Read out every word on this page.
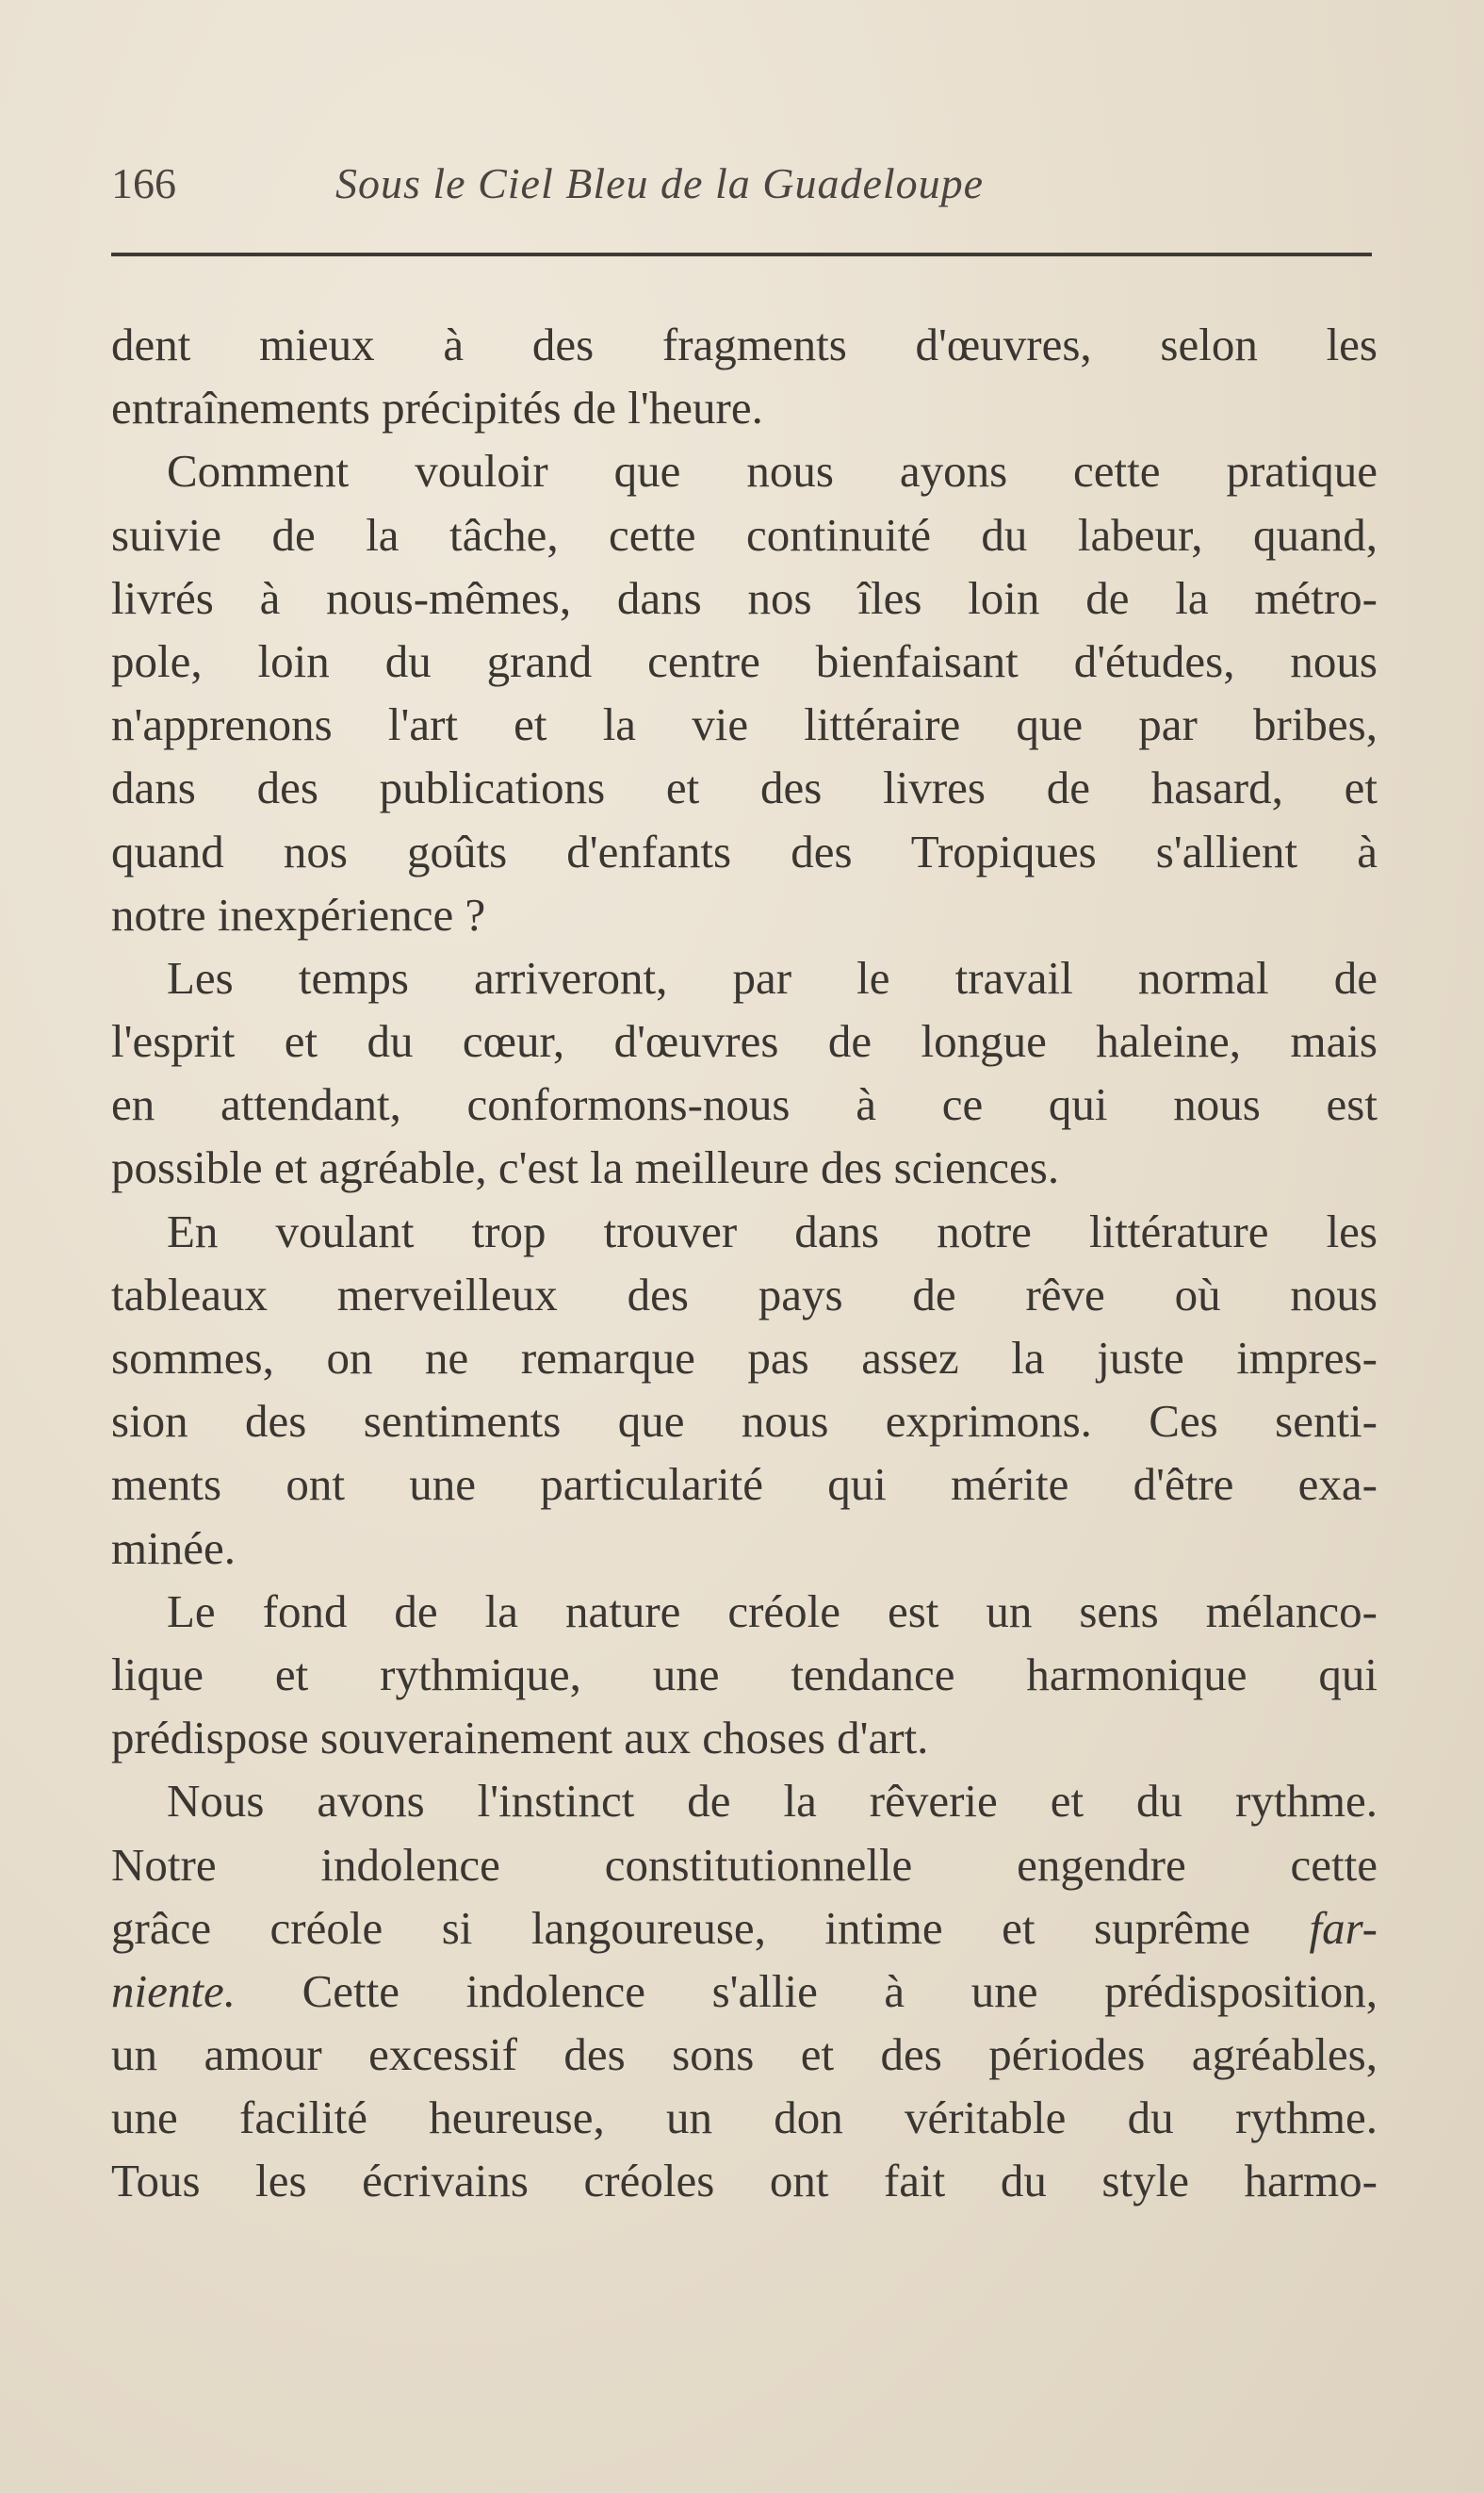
166	Sous le Ciel Bleu de la Guadeloupe
dent mieux à des fragments d'œuvres, selon les
entraînements précipités de l'heure.
Comment vouloir que nous ayons cette pratique
suivie de la tâche, cette continuité du labeur, quand,
livrés à nous-mêmes, dans nos îles loin de la métro-
pole, loin du grand centre bienfaisant d'études, nous
n'apprenons l'art et la vie littéraire que par bribes,
dans des publications et des livres de hasard, et
quand nos goûts d'enfants des Tropiques s'allient à
notre inexpérience ?
Les temps arriveront, par le travail normal de
l'esprit et du cœur, d'œuvres de longue haleine, mais
en attendant, conformons-nous à ce qui nous est
possible et agréable, c'est la meilleure des sciences.
En voulant trop trouver dans notre littérature les
tableaux merveilleux des pays de rêve où nous
sommes, on ne remarque pas assez la juste impres-
sion des sentiments que nous exprimons. Ces senti-
ments ont une particularité qui mérite d'être exa-
minée.
Le fond de la nature créole est un sens mélanco-
lique et rythmique, une tendance harmonique qui
prédispose souverainement aux choses d'art.
Nous avons l'instinct de la rêverie et du rythme.
Notre indolence constitutionnelle engendre cette
grâce créole si langoureuse, intime et suprême far-
niente. Cette indolence s'allie à une prédisposition,
un amour excessif des sons et des périodes agréables,
une facilité heureuse, un don véritable du rythme.
Tous les écrivains créoles ont fait du style harmo-
